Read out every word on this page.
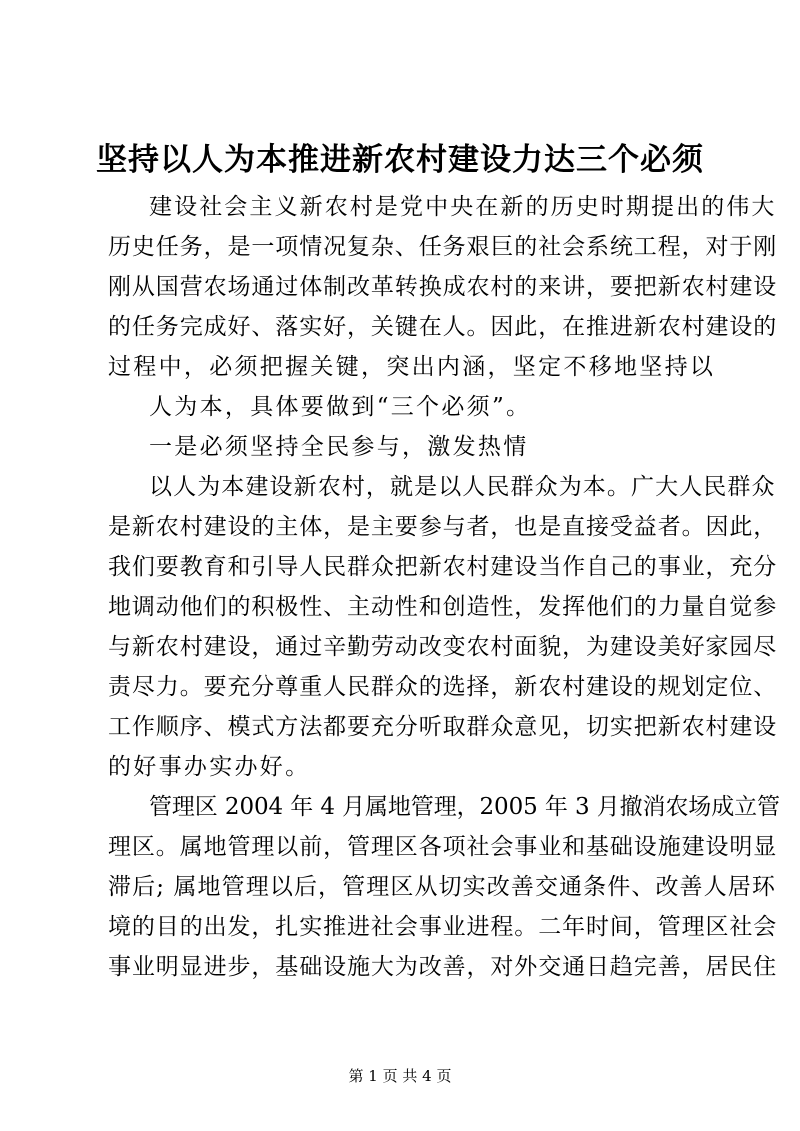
坚持以人为本推进新农村建设力达三个必须
建设社会主义新农村是党中央在新的历史时期提出的伟大
历史任务，是一项情况复杂、任务艰巨的社会系统工程，对于刚
刚从国营农场通过体制改革转换成农村的来讲，要把新农村建设
的任务完成好、落实好，关键在人。因此，在推进新农村建设的
过程中，必须把握关键，突出内涵，坚定不移地坚持以
人为本，具体要做到“三个必须”。
一是必须坚持全民参与，激发热情
以人为本建设新农村，就是以人民群众为本。广大人民群众
是新农村建设的主体，是主要参与者，也是直接受益者。因此，
我们要教育和引导人民群众把新农村建设当作自己的事业，充分
地调动他们的积极性、主动性和创造性，发挥他们的力量自觉参
与新农村建设，通过辛勤劳动改变农村面貌，为建设美好家园尽
责尽力。要充分尊重人民群众的选择，新农村建设的规划定位、
工作顺序、模式方法都要充分听取群众意见，切实把新农村建设
的好事办实办好。
管理区 2004 年 4 月属地管理，2005 年 3 月撤消农场成立管
理区。属地管理以前，管理区各项社会事业和基础设施建设明显
滞后; 属地管理以后，管理区从切实改善交通条件、改善人居环
境的目的出发，扎实推进社会事业进程。二年时间，管理区社会
事业明显进步，基础设施大为改善，对外交通日趋完善，居民住
第 1 页 共 4 页
